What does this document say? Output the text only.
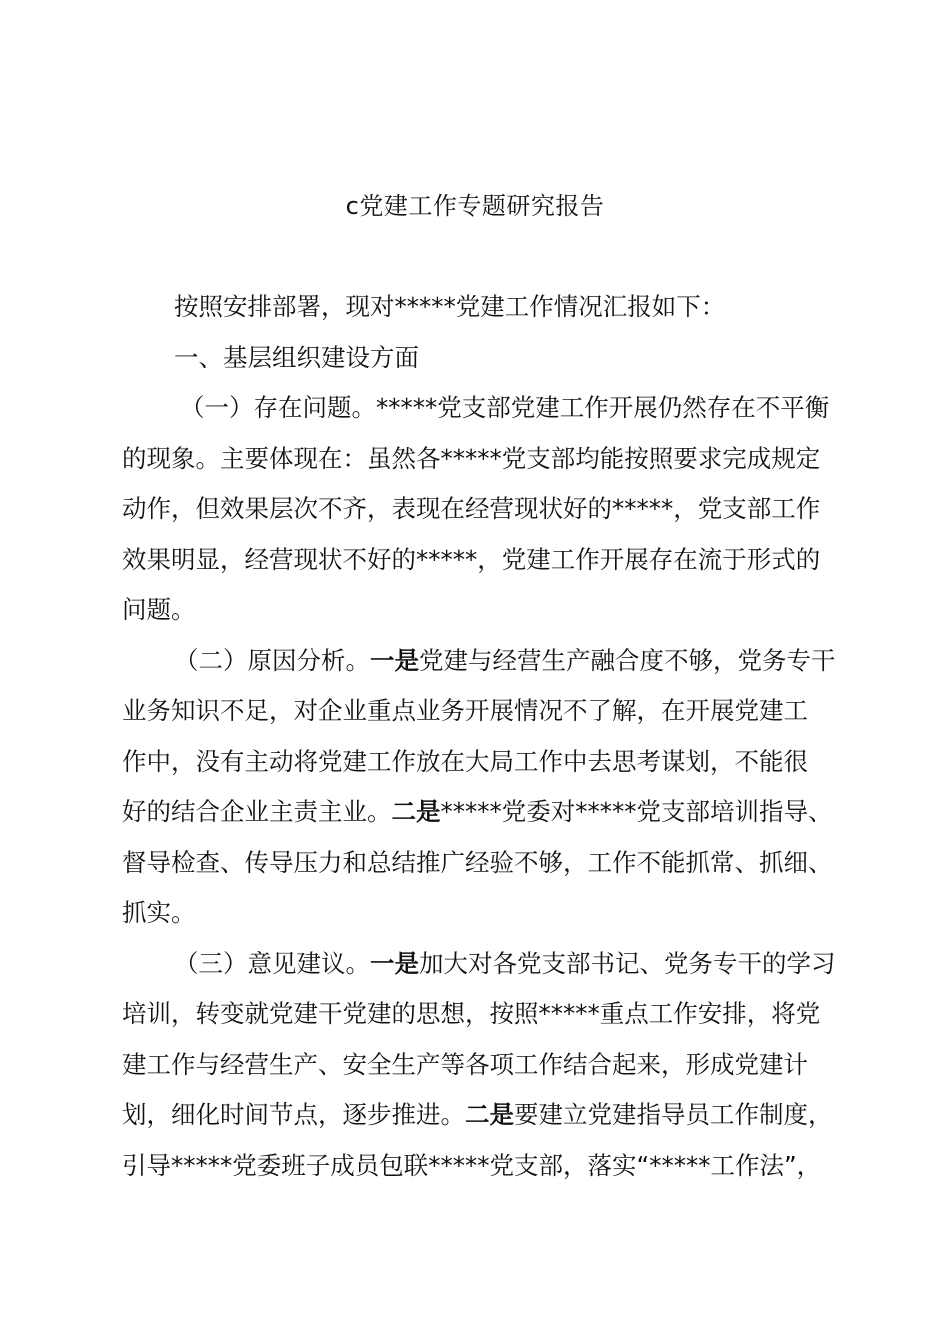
c党建工作专题研究报告
按照安排部署，现对*****党建工作情况汇报如下：
一、基层组织建设方面
（一）存在问题。*****党支部党建工作开展仍然存在不平衡
的现象。主要体现在：虽然各*****党支部均能按照要求完成规定
动作，但效果层次不齐，表现在经营现状好的*****，党支部工作
效果明显，经营现状不好的*****，党建工作开展存在流于形式的
问题。
（二）原因分析。一是党建与经营生产融合度不够，党务专干
业务知识不足，对企业重点业务开展情况不了解，在开展党建工
作中，没有主动将党建工作放在大局工作中去思考谋划，不能很
好的结合企业主责主业。二是*****党委对*****党支部培训指导、
督导检查、传导压力和总结推广经验不够，工作不能抓常、抓细、
抓实。
（三）意见建议。一是加大对各党支部书记、党务专干的学习
培训，转变就党建干党建的思想，按照*****重点工作安排，将党
建工作与经营生产、安全生产等各项工作结合起来，形成党建计
划，细化时间节点，逐步推进。二是要建立党建指导员工作制度，
引导*****党委班子成员包联*****党支部，落实“*****工作法”，
